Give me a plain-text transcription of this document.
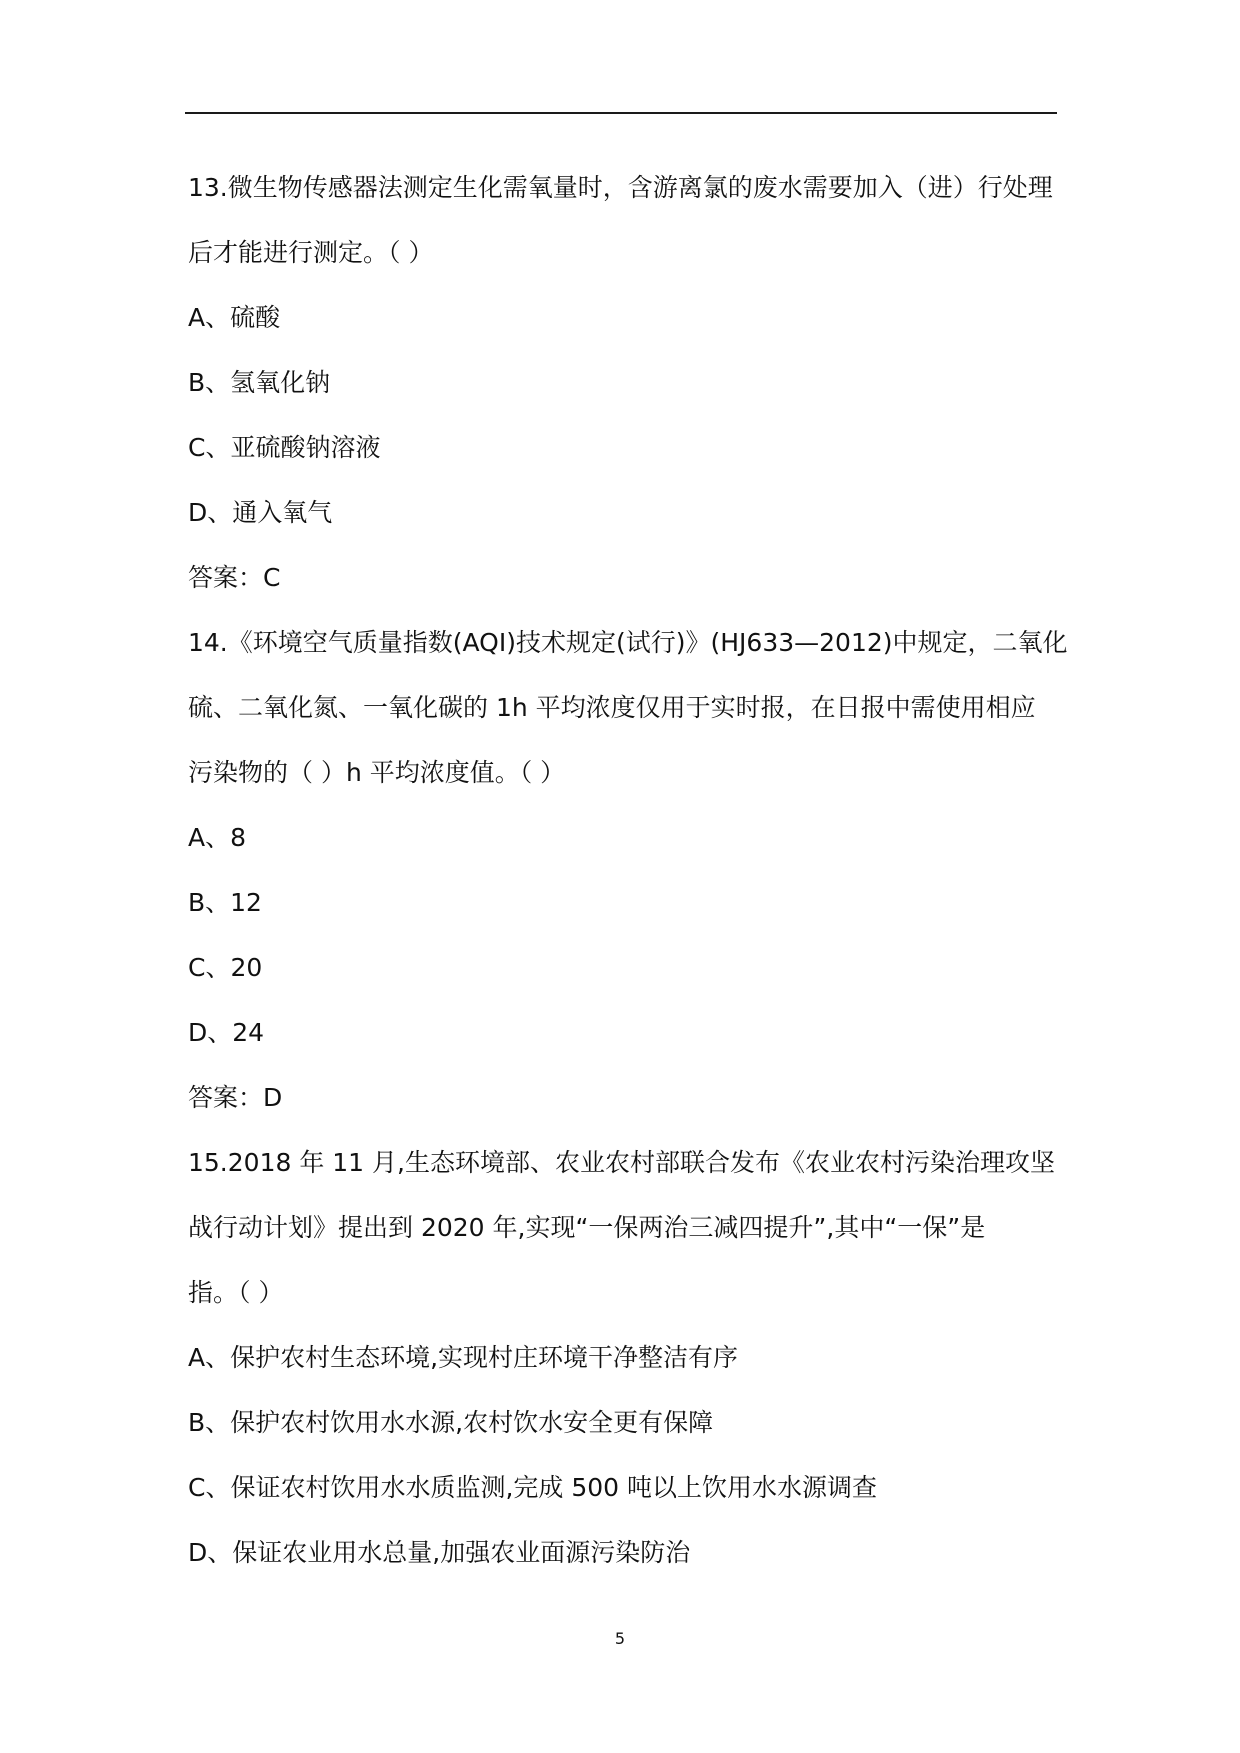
13.微生物传感器法测定生化需氧量时，含游离氯的废水需要加入（进）行处理
后才能进行测定。（ ）
A、硫酸
B、氢氧化钠
C、亚硫酸钠溶液
D、通入氧气
答案：C
14.《环境空气质量指数(AQI)技术规定(试行)》(HJ633—2012)中规定，二氧化
硫、二氧化氮、一氧化碳的 1h 平均浓度仅用于实时报，在日报中需使用相应
污染物的（ ）h 平均浓度值。（ ）
A、8
B、12
C、20
D、24
答案：D
15.2018 年 11 月,生态环境部、农业农村部联合发布《农业农村污染治理攻坚
战行动计划》提出到 2020 年,实现“一保两治三减四提升”,其中“一保”是
指。（ ）
A、保护农村生态环境,实现村庄环境干净整洁有序
B、保护农村饮用水水源,农村饮水安全更有保障
C、保证农村饮用水水质监测,完成 500 吨以上饮用水水源调查
D、保证农业用水总量,加强农业面源污染防治
5
